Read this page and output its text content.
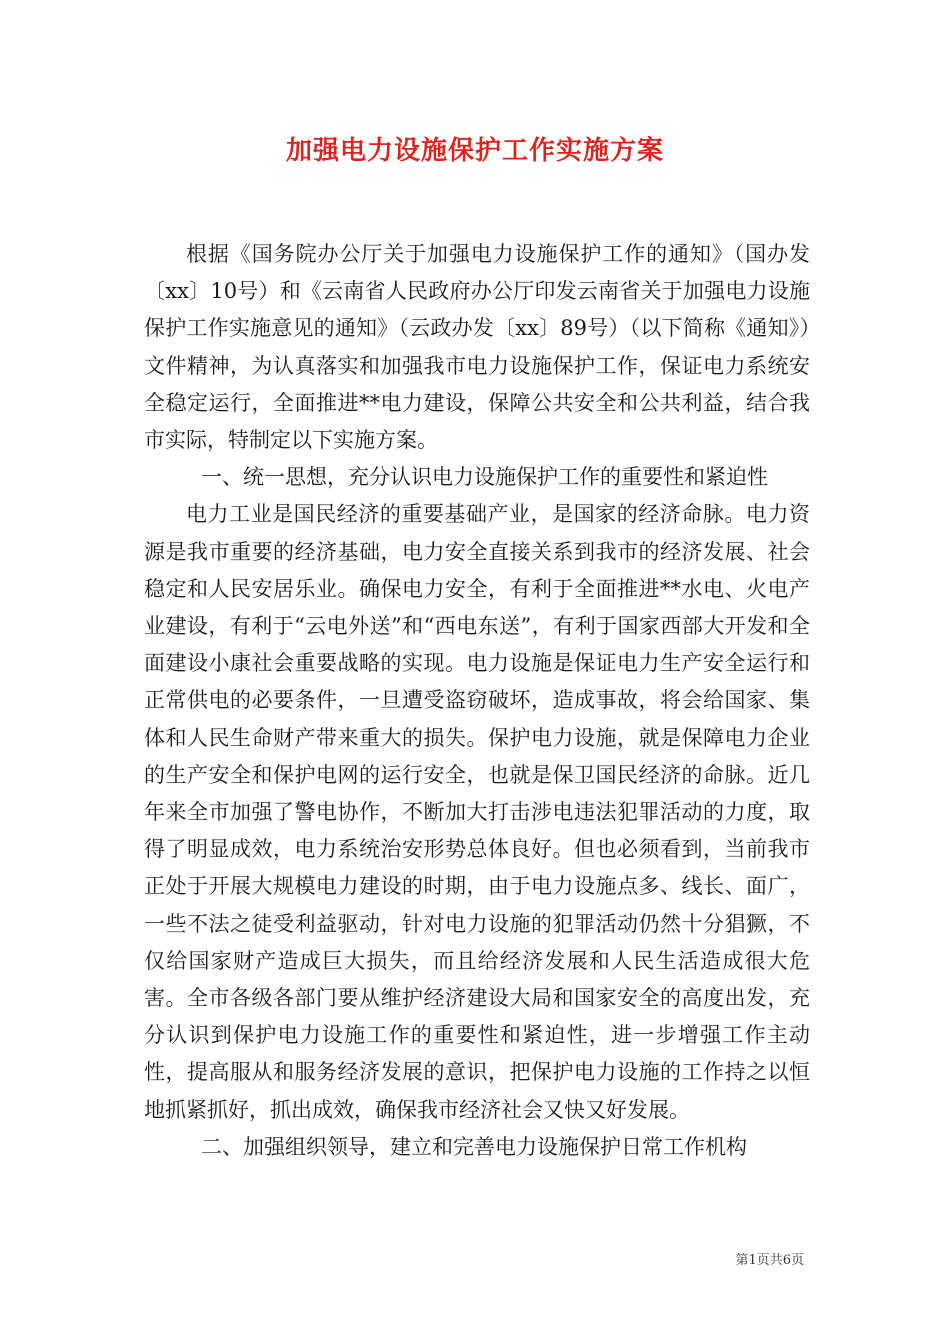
加强电力设施保护工作实施方案

根据《国务院办公厅关于加强电力设施保护工作的通知》（国办发〔xx〕10号）和《云南省人民政府办公厅印发云南省关于加强电力设施保护工作实施意见的通知》（云政办发〔xx〕89号）（以下简称《通知》）文件精神，为认真落实和加强我市电力设施保护工作，保证电力系统安全稳定运行，全面推进**电力建设，保障公共安全和公共利益，结合我市实际，特制定以下实施方案。

一、统一思想，充分认识电力设施保护工作的重要性和紧迫性

电力工业是国民经济的重要基础产业，是国家的经济命脉。电力资源是我市重要的经济基础，电力安全直接关系到我市的经济发展、社会稳定和人民安居乐业。确保电力安全，有利于全面推进**水电、火电产业建设，有利于“云电外送”和“西电东送”，有利于国家西部大开发和全面建设小康社会重要战略的实现。电力设施是保证电力生产安全运行和正常供电的必要条件，一旦遭受盗窃破坏，造成事故，将会给国家、集体和人民生命财产带来重大的损失。保护电力设施，就是保障电力企业的生产安全和保护电网的运行安全，也就是保卫国民经济的命脉。近几年来全市加强了警电协作，不断加大打击涉电违法犯罪活动的力度，取得了明显成效，电力系统治安形势总体良好。但也必须看到，当前我市正处于开展大规模电力建设的时期，由于电力设施点多、线长、面广，一些不法之徒受利益驱动，针对电力设施的犯罪活动仍然十分猖獗，不仅给国家财产造成巨大损失，而且给经济发展和人民生活造成很大危害。全市各级各部门要从维护经济建设大局和国家安全的高度出发，充分认识到保护电力设施工作的重要性和紧迫性，进一步增强工作主动性，提高服从和服务经济发展的意识，把保护电力设施的工作持之以恒地抓紧抓好，抓出成效，确保我市经济社会又快又好发展。

二、加强组织领导，建立和完善电力设施保护日常工作机构

第1页共6页
